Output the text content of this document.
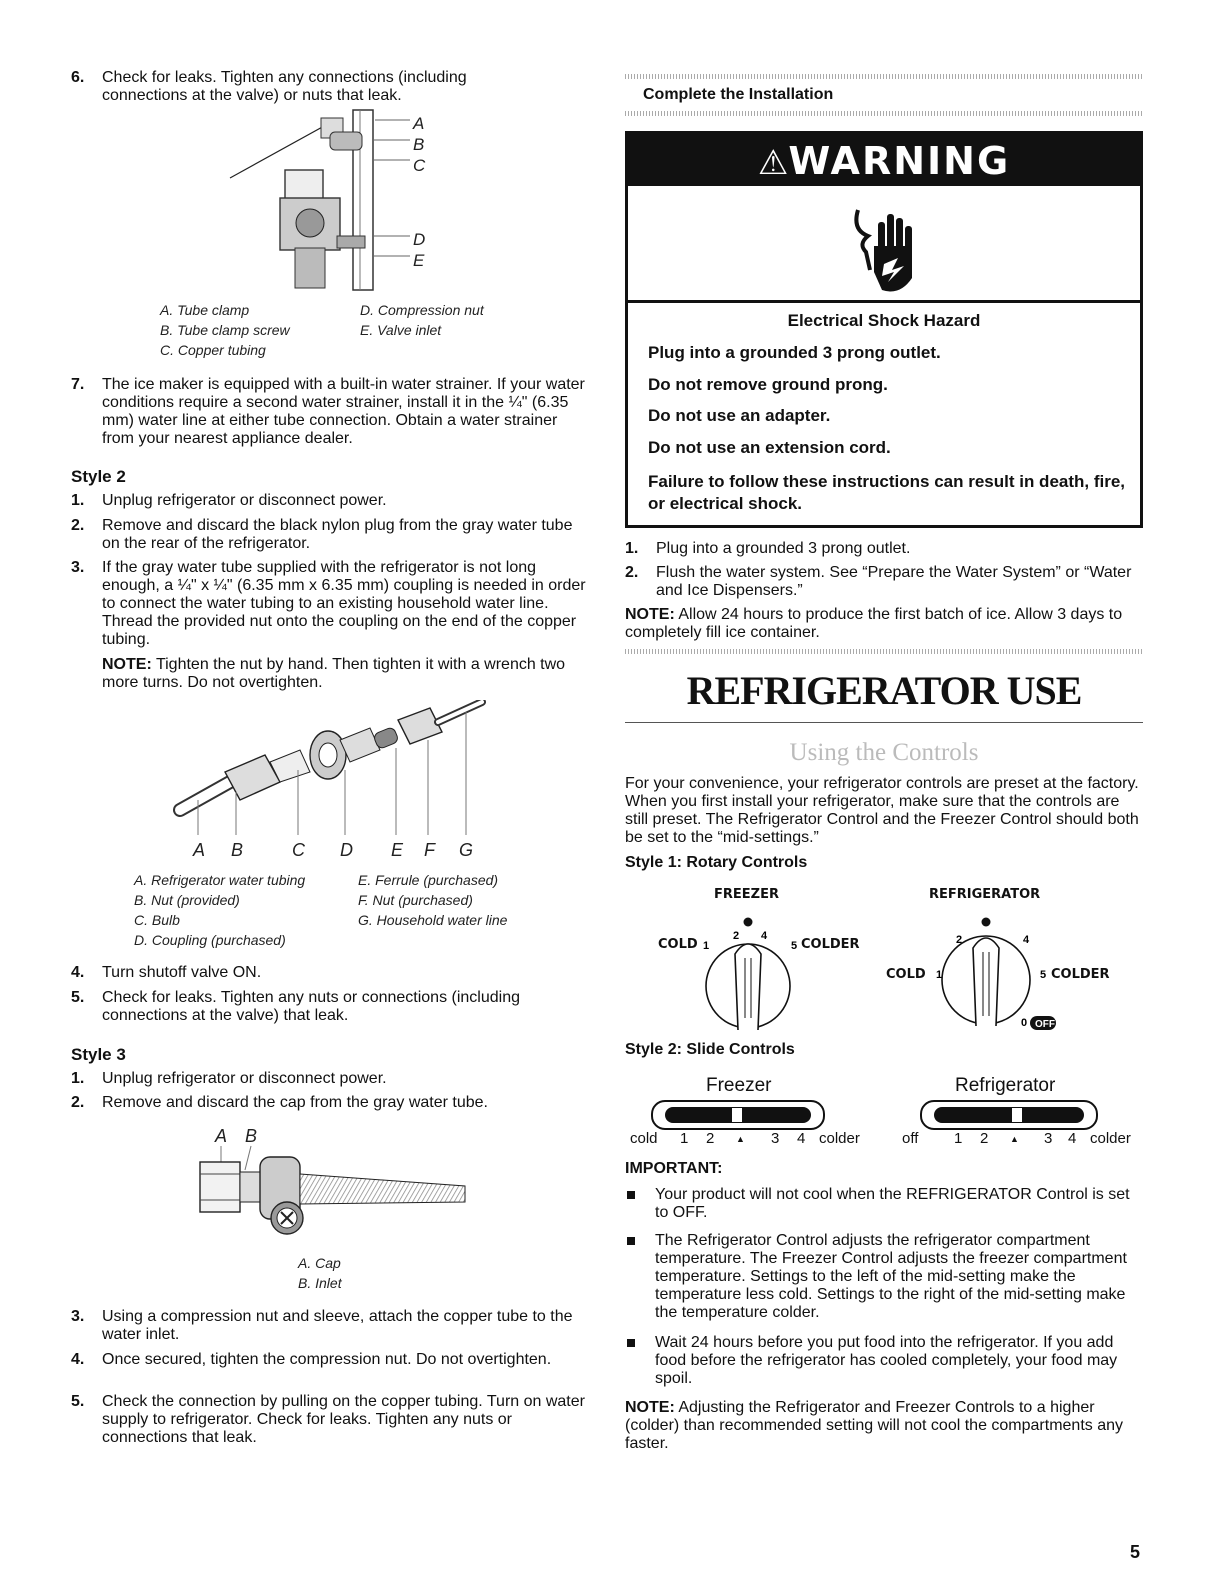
6. Check for leaks. Tighten any connections (including connections at the valve) or nuts that leak.
A
B
C
D
E
A. Tube clamp
B. Tube clamp screw
C. Copper tubing
D. Compression nut
E. Valve inlet
7. The ice maker is equipped with a built-in water strainer. If your water conditions require a second water strainer, install it in the ¼" (6.35 mm) water line at either tube connection. Obtain a water strainer from your nearest appliance dealer.
Style 2
1. Unplug refrigerator or disconnect power.
2. Remove and discard the black nylon plug from the gray water tube on the rear of the refrigerator.
3. If the gray water tube supplied with the refrigerator is not long enough, a ¼" x ¼" (6.35 mm x 6.35 mm) coupling is needed in order to connect the water tubing to an existing household water line. Thread the provided nut onto the coupling on the end of the copper tubing.
NOTE: Tighten the nut by hand. Then tighten it with a wrench two more turns. Do not overtighten.
A B	C D E F G
A. Refrigerator water tubing
B. Nut (provided)
C. Bulb
D. Coupling (purchased)
E. Ferrule (purchased)
F. Nut (purchased)
G. Household water line
4. Turn shutoff valve ON.
5. Check for leaks. Tighten any nuts or connections (including connections at the valve) that leak.
Style 3
1. Unplug refrigerator or disconnect power.
2. Remove and discard the cap from the gray water tube.
A B
A. Cap
B. Inlet
3. Using a compression nut and sleeve, attach the copper tube to the water inlet.
4. Once secured, tighten the compression nut. Do not overtighten.
5. Check the connection by pulling on the copper tubing. Turn on water supply to refrigerator. Check for leaks. Tighten any nuts or connections that leak.
Complete the Installation
⚠WARNING
Electrical Shock Hazard
Plug into a grounded 3 prong outlet.
Do not remove ground prong.
Do not use an adapter.
Do not use an extension cord.
Failure to follow these instructions can result in death, fire, or electrical shock.
1. Plug into a grounded 3 prong outlet.
2. Flush the water system. See “Prepare the Water System” or “Water and Ice Dispensers.”
NOTE: Allow 24 hours to produce the first batch of ice. Allow 3 days to completely fill ice container.
REFRIGERATOR USE
Using the Controls
For your convenience, your refrigerator controls are preset at the factory. When you first install your refrigerator, make sure that the controls are still preset. The Refrigerator Control and the Freezer Control should both be set to the “mid-settings.”
Style 1: Rotary Controls
FREEZER
2 4
1	5
COLD	COLDER
REFRIGERATOR
2	4
1	5
0 OFF
COLD	COLDER
Style 2: Slide Controls
Freezer
cold 1 2 ▲ 3 4 colder
Refrigerator
off 1 2 ▲ 3 4 colder
IMPORTANT:
Your product will not cool when the REFRIGERATOR Control is set to OFF.
The Refrigerator Control adjusts the refrigerator compartment temperature. The Freezer Control adjusts the freezer compartment temperature. Settings to the left of the mid-setting make the temperature less cold. Settings to the right of the mid-setting make the temperature colder.
Wait 24 hours before you put food into the refrigerator. If you add food before the refrigerator has cooled completely, your food may spoil.
NOTE: Adjusting the Refrigerator and Freezer Controls to a higher (colder) than recommended setting will not cool the compartments any faster.
5
